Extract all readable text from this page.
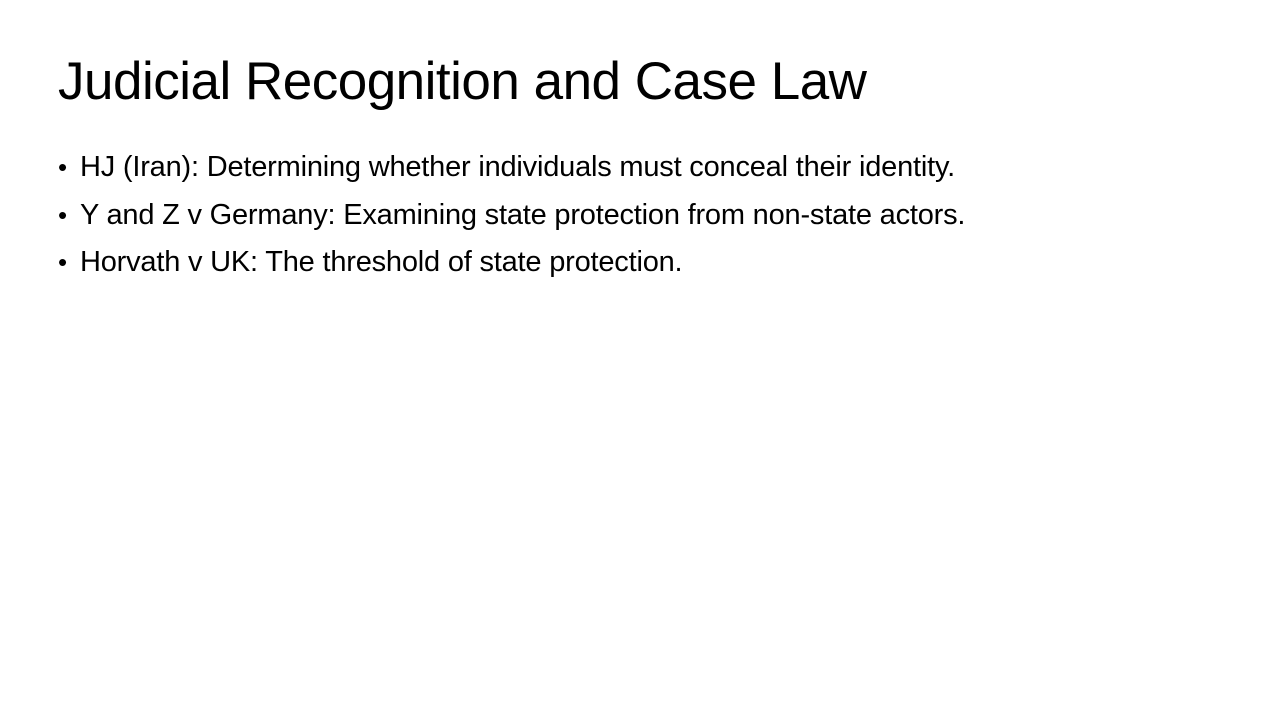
Judicial Recognition and Case Law
• HJ (Iran): Determining whether individuals must conceal their identity.
• Y and Z v Germany: Examining state protection from non-state actors.
• Horvath v UK: The threshold of state protection.
